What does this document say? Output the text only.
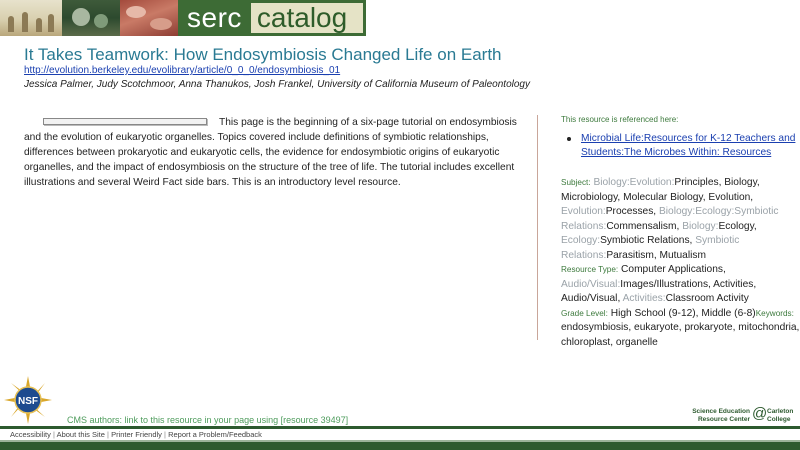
serc catalog
It Takes Teamwork: How Endosymbiosis Changed Life on Earth
http://evolution.berkeley.edu/evolibrary/article/0_0_0/endosymbiosis_01
Jessica Palmer, Judy Scotchmoor, Anna Thanukos, Josh Frankel, University of California Museum of Paleontology

This page is the beginning of a six-page tutorial on endosymbiosis and the evolution of eukaryotic organelles. Topics covered include definitions of symbiotic relationships, differences between prokaryotic and eukaryotic cells, the evidence for endosymbiotic origins of eukaryotic organelles, and the impact of endosymbiosis on the structure of the tree of life. The tutorial includes excellent illustrations and several Weird Fact side bars. This is an introductory level resource.

This resource is referenced here:
Microbial Life:Resources for K-12 Teachers and Students:The Microbes Within: Resources
Subject: Biology:Evolution:Principles, Biology, Microbiology, Molecular Biology, Evolution, Evolution:Processes, Biology:Ecology:Symbiotic Relations:Commensalism, Biology:Ecology, Ecology:Symbiotic Relations, Symbiotic Relations:Parasitism, Mutualism
Resource Type: Computer Applications, Audio/Visual:Images/Illustrations, Activities, Audio/Visual, Activities:Classroom Activity
Grade Level: High School (9-12), Middle (6-8)Keywords: endosymbiosis, eukaryote, prokaryote, mitochondria, chloroplast, organelle
NSF
CMS authors: link to this resource in your page using [resource 39497]
Science Education Resource Center @ Carleton College
Accessibility | About this Site | Printer Friendly | Report a Problem/Feedback
